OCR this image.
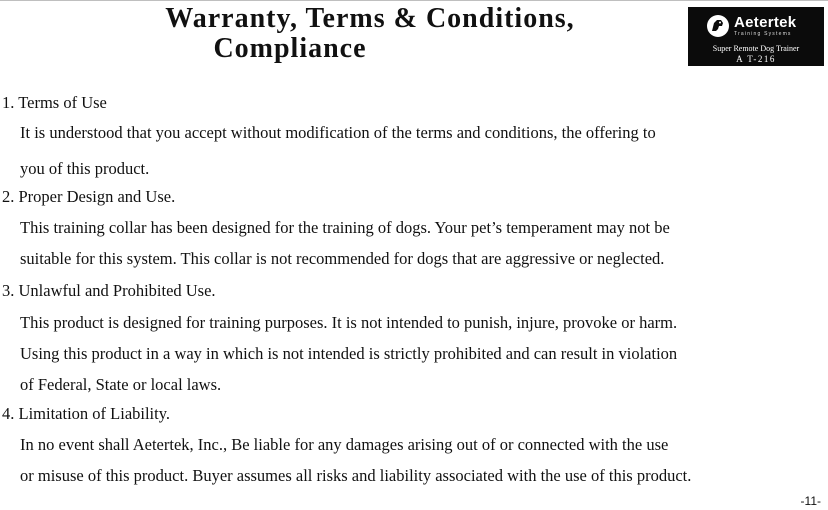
Warranty, Terms & Conditions,
Compliance
Aetertek
Training Systems
Super Remote Dog Trainer
A T-216
1. Terms of Use
It is understood that you accept without modification of the terms and conditions, the offering to
you of this product.
2. Proper Design and Use.
This training collar has been designed for the training of dogs. Your pet’s temperament may not be
suitable for this system. This collar is not recommended for dogs that are aggressive or neglected.
3. Unlawful and Prohibited Use.
This product is designed for training purposes. It is not intended to punish, injure, provoke or harm.
Using this product in a way in which is not intended is strictly prohibited and can result in violation
of Federal, State or local laws.
4. Limitation of Liability.
In no event shall Aetertek, Inc., Be liable for any damages arising out of or connected with the use
or misuse of this product. Buyer assumes all risks and liability associated with the use of this product.
-11-
